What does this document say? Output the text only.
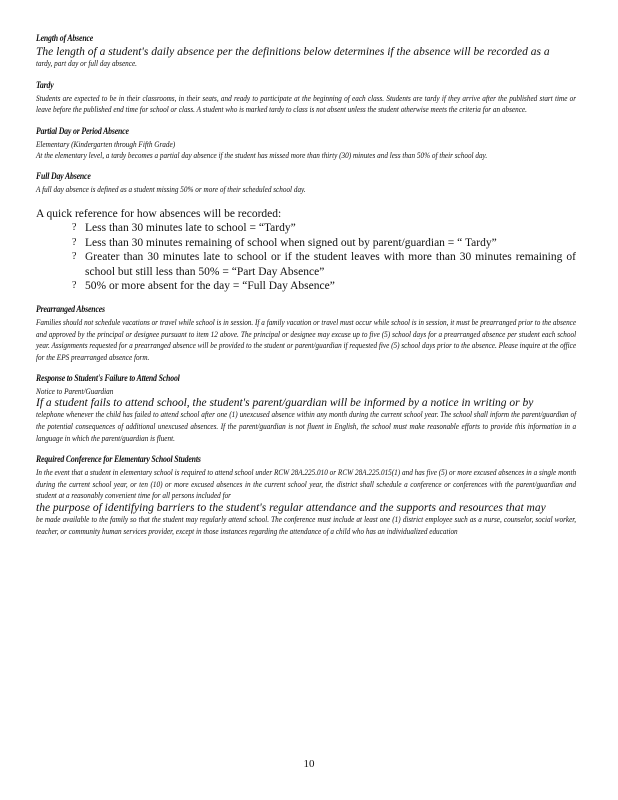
Length of Absence

The length of a student's daily absence per the definitions below determines if the absence will be recorded as a

tardy, part day or full day absence.

Tardy

Students are expected to be in their classrooms, in their seats, and ready to participate at the beginning of each class. Students are tardy if they arrive after the published start time or leave before the published end time for school or class. A student who is marked tardy to class is not absent unless the student otherwise meets the criteria for an absence.

Partial Day or Period Absence
Elementary (Kindergarten through Fifth Grade)

At the elementary level, a tardy becomes a partial day absence if the student has missed more than thirty (30) minutes and less than 50% of their school day.

Full Day Absence

A full day absence is defined as a student missing 50% or more of their scheduled school day.

A quick reference for how absences will be recorded:

? Less than 30 minutes late to school = “Tardy”
? Less than 30 minutes remaining of school when signed out by parent/guardian = “ Tardy”
? Greater than 30 minutes late to school or if the student leaves with more than 30 minutes remaining of school but still less than 50% = “Part Day Absence”
? 50% or more absent for the day = “Full Day Absence”
Prearranged Absences

Families should not schedule vacations or travel while school is in session. If a family vacation or travel must occur while school is in session, it must be prearranged prior to the absence and approved by the principal or designee pursuant to item 12 above. The principal or designee may excuse up to five (5) school days for a prearranged absence per student each school year. Assignments requested for a prearranged absence will be provided to the student or parent/guardian if requested five (5) school days prior to the absence. Please inquire at the office for the EPS prearranged absence form.

Response to Student's Failure to Attend School
Notice to Parent/Guardian

If a student fails to attend school, the student's parent/guardian will be informed by a notice in writing or by

telephone whenever the child has failed to attend school after one (1) unexcused absence within any month during the current school year. The school shall inform the parent/guardian of the potential consequences of additional unexcused absences. If the parent/guardian is not fluent in English, the school must make reasonable efforts to provide this information in a language in which the parent/guardian is fluent.

Required Conference for Elementary School Students

In the event that a student in elementary school is required to attend school under RCW 28A.225.010 or RCW 28A.225.015(1) and has five (5) or more excused absences in a single month during the current school year, or ten (10) or more excused absences in the current school year, the district shall schedule a conference or conferences with the parent/guardian and student at a reasonably convenient time for all persons included for

the purpose of identifying barriers to the student's regular attendance and the supports and resources that may

be made available to the family so that the student may regularly attend school. The conference must include at least one (1) district employee such as a nurse, counselor, social worker, teacher, or community human services provider, except in those instances regarding the attendance of a child who has an individualized education

10
